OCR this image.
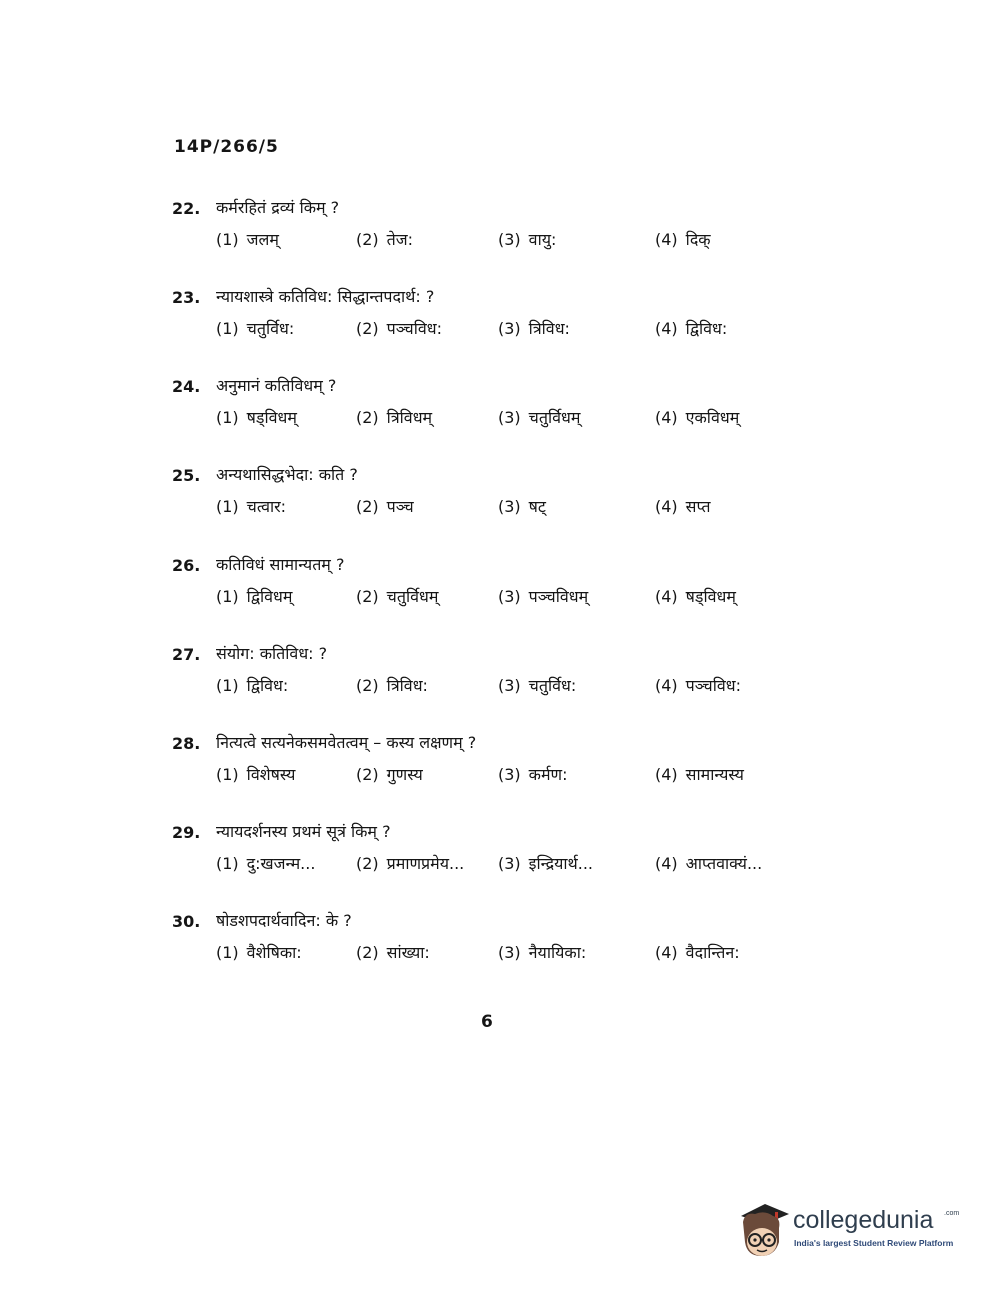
14P/266/5
22. कर्मरहितं द्रव्यं किम् ?
(1) जलम्	(2) तेज:	(3) वायु:	(4) दिक्
23. न्यायशास्त्रे कतिविध: सिद्धान्तपदार्थ: ?
(1) चतुर्विध:	(2) पञ्चविध:	(3) त्रिविध:	(4) द्विविध:
24. अनुमानं कतिविधम् ?
(1) षड्विधम्	(2) त्रिविधम्	(3) चतुर्विधम्	(4) एकविधम्
25. अन्यथासिद्धभेदा: कति ?
(1) चत्वार:	(2) पञ्च	(3) षट्	(4) सप्त
26. कतिविधं सामान्यतम् ?
(1) द्विविधम्	(2) चतुर्विधम्	(3) पञ्चविधम्	(4) षड्विधम्
27. संयोग: कतिविध: ?
(1) द्विविध:	(2) त्रिविध:	(3) चतुर्विध:	(4) पञ्चविध:
28. नित्यत्वे सत्यनेकसमवेतत्वम् – कस्य लक्षणम् ?
(1) विशेषस्य	(2) गुणस्य	(3) कर्मण:	(4) सामान्यस्य
29. न्यायदर्शनस्य प्रथमं सूत्रं किम् ?
(1) दु:खजन्म...	(2) प्रमाणप्रमेय... (3) इन्द्रियार्थ...	(4) आप्तवाक्यं...
30. षोडशपदार्थवादिन: के ?
(1) वैशेषिका:	(2) सांख्या:	(3) नैयायिका:	(4) वैदान्तिन:
6
collegedunia .com
India's largest Student Review Platform
